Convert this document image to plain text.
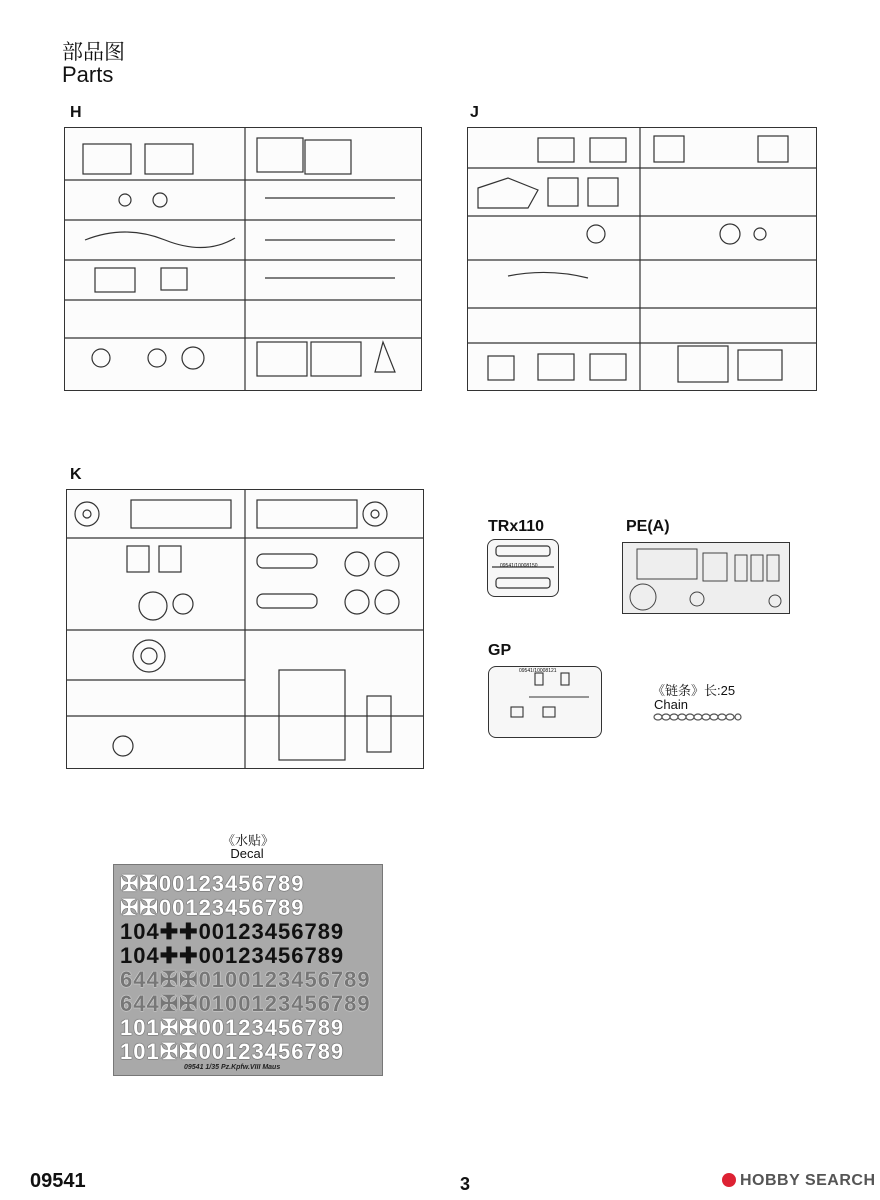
部品图
Parts
H	J
K
TRx110
09541/10008150
PE(A)
GP
09541/10008121
《链条》长:25
Chain
《水贴》
Decal
✠✠00123456789
✠✠00123456789
104✚✚00123456789
104✚✚00123456789
644✠✠0100123456789
644✠✠0100123456789
101✠✠00123456789
101✠✠00123456789
09541 1/35 Pz.Kpfw.VIII Maus
09541	3	HOBBY SEARCH
